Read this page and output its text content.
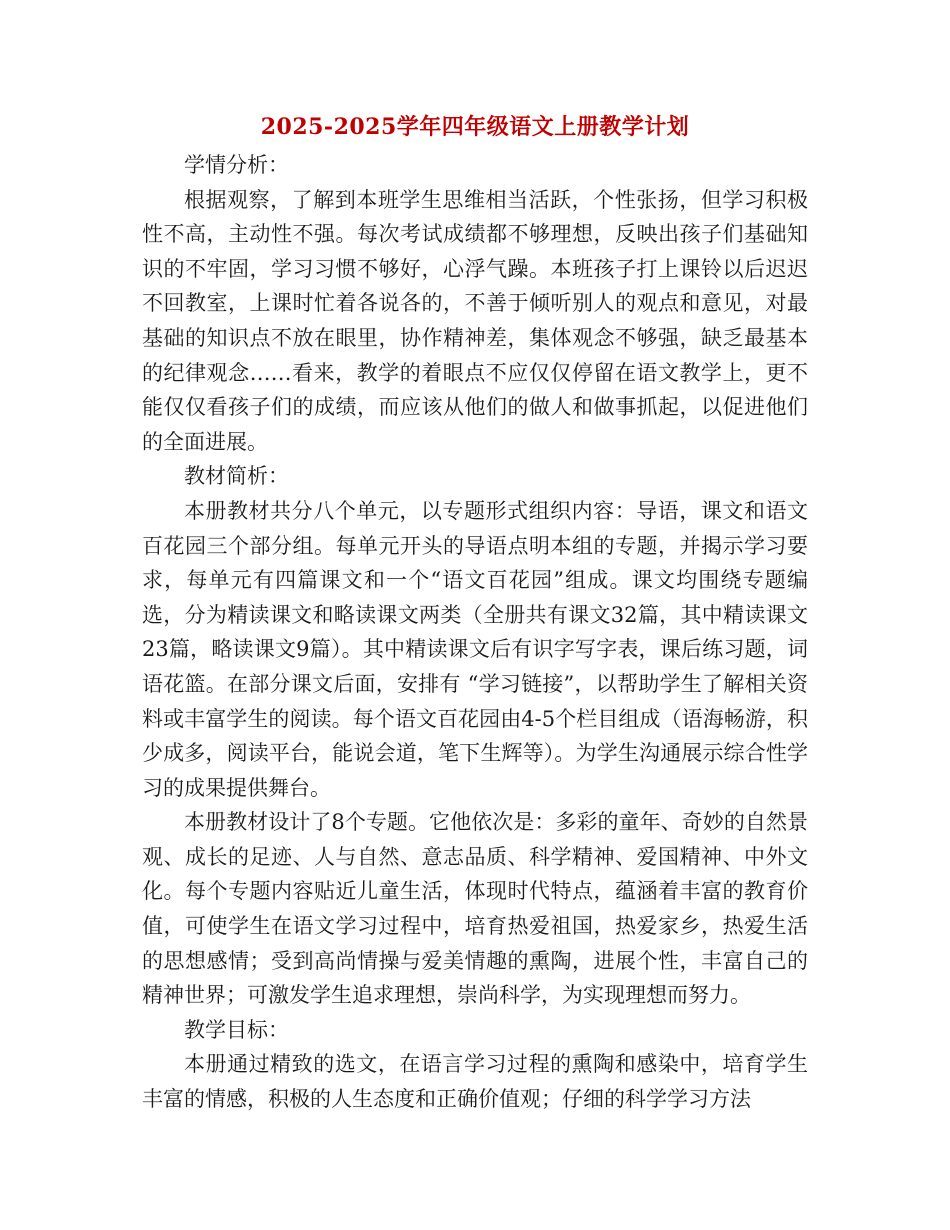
2025-2025学年四年级语文上册教学计划

学情分析：

根据观察，了解到本班学生思维相当活跃，个性张扬，但学习积极性不高，主动性不强。每次考试成绩都不够理想，反映出孩子们基础知识的不牢固，学习习惯不够好，心浮气躁。本班孩子打上课铃以后迟迟不回教室，上课时忙着各说各的，不善于倾听别人的观点和意见，对最基础的知识点不放在眼里，协作精神差，集体观念不够强，缺乏最基本的纪律观念……看来，教学的着眼点不应仅仅停留在语文教学上，更不能仅仅看孩子们的成绩，而应该从他们的做人和做事抓起，以促进他们的全面进展。

教材简析：

本册教材共分八个单元，以专题形式组织内容：导语，课文和语文百花园三个部分组。每单元开头的导语点明本组的专题，并揭示学习要求，每单元有四篇课文和一个“语文百花园”组成。课文均围绕专题编选，分为精读课文和略读课文两类（全册共有课文32篇，其中精读课文23篇，略读课文9篇）。其中精读课文后有识字写字表，课后练习题，词语花篮。在部分课文后面，安排有 “学习链接”，以帮助学生了解相关资料或丰富学生的阅读。每个语文百花园由4-5个栏目组成（语海畅游，积少成多，阅读平台，能说会道，笔下生辉等）。为学生沟通展示综合性学习的成果提供舞台。

本册教材设计了8个专题。它他依次是：多彩的童年、奇妙的自然景观、成长的足迹、人与自然、意志品质、科学精神、爱国精神、中外文化。每个专题内容贴近儿童生活，体现时代特点，蕴涵着丰富的教育价值，可使学生在语文学习过程中，培育热爱祖国，热爱家乡，热爱生活的思想感情；受到高尚情操与爱美情趣的熏陶，进展个性，丰富自己的精神世界；可激发学生追求理想，崇尚科学，为实现理想而努力。

教学目标：

本册通过精致的选文，在语言学习过程的熏陶和感染中，培育学生丰富的情感，积极的人生态度和正确价值观；仔细的科学学习方法
